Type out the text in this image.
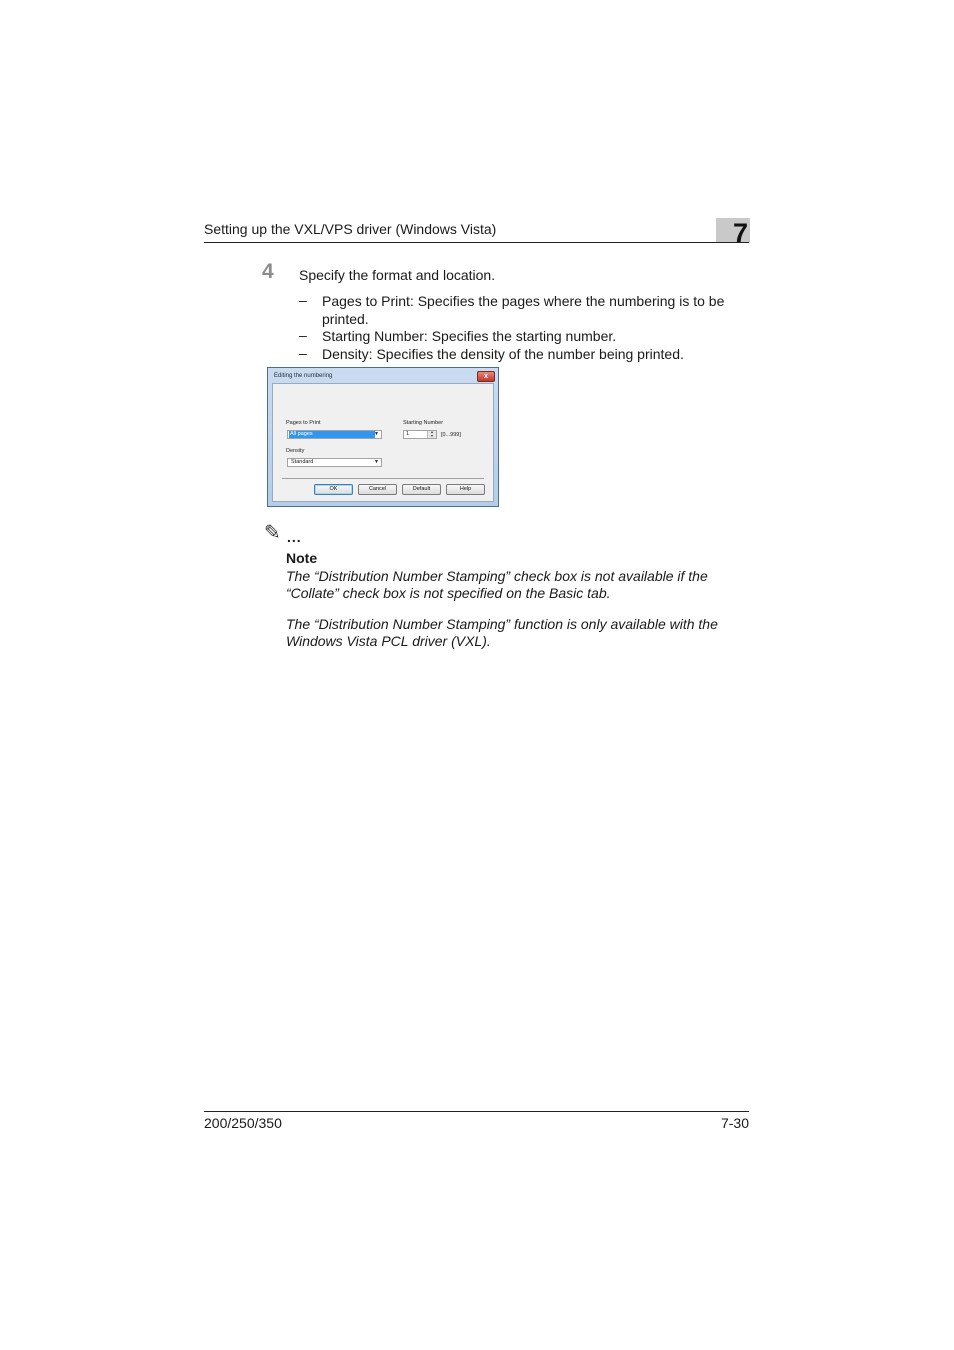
Setting up the VXL/VPS driver (Windows Vista)	7
4 Specify the format and location.
– Pages to Print: Specifies the pages where the numbering is to be
printed.
– Starting Number: Specifies the starting number.
– Density: Specifies the density of the number being printed.
Editing the numbering	x
Pages to Print
All pages	▼
Starting Number
1	▲
▼	[0...999]
Density
Standard	▼
OK	Cancel	Default	Help
✎ ...
Note
The “Distribution Number Stamping” check box is not available if the
“Collate” check box is not specified on the Basic tab.
The “Distribution Number Stamping” function is only available with the
Windows Vista PCL driver (VXL).
200/250/350	7-30
